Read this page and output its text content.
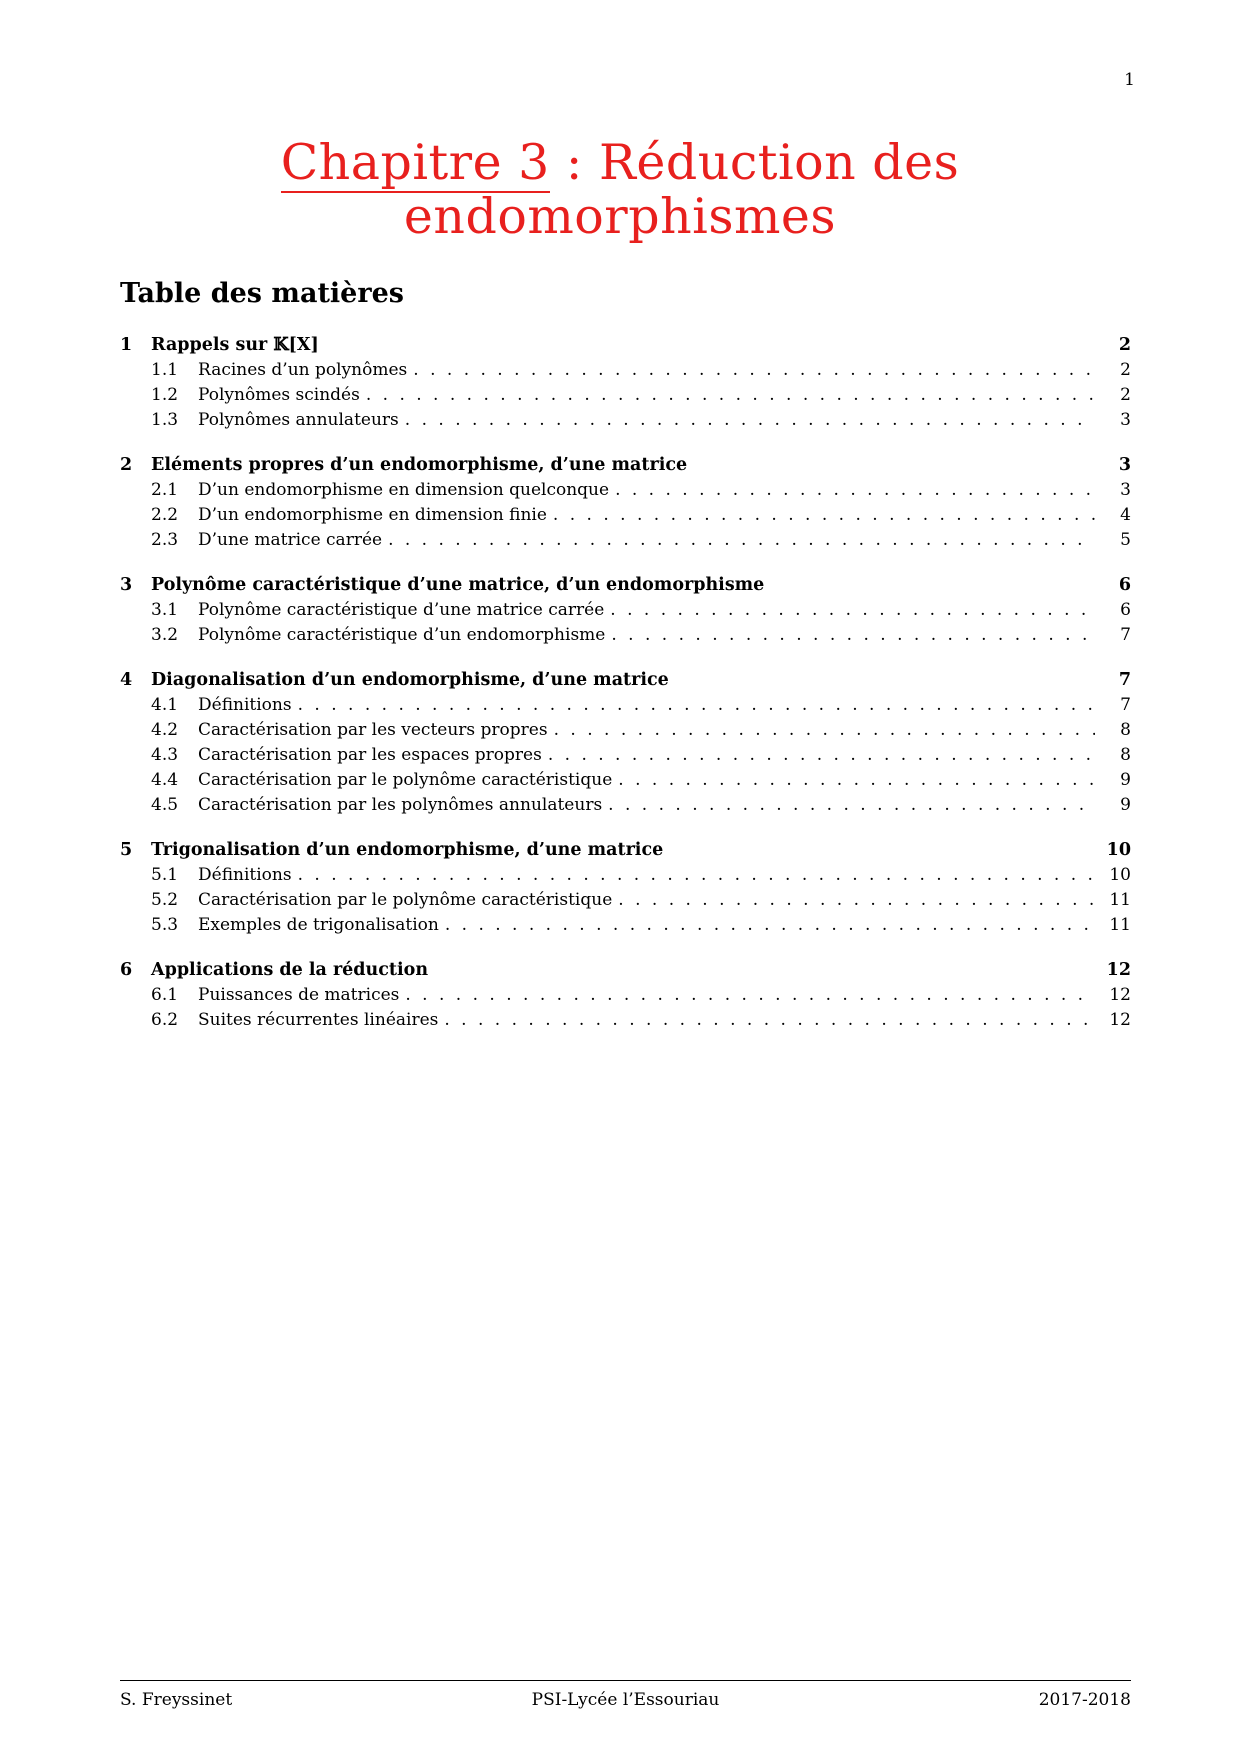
1
Chapitre 3 : Réduction des
endomorphismes
Table des matières
1	Rappels sur 𝕂[X]	2
1.1	Racines d’un polynômes . . .	2
1.2	Polynômes scindés . . .	2
1.3	Polynômes annulateurs . . .	3
2	Eléments propres d’un endomorphisme, d’une matrice	3
2.1	D’un endomorphisme en dimension quelconque . . .	3
2.2	D’un endomorphisme en dimension finie . . .	4
2.3	D’une matrice carrée . . .	5
3	Polynôme caractéristique d’une matrice, d’un endomorphisme	6
3.1	Polynôme caractéristique d’une matrice carrée . . .	6
3.2	Polynôme caractéristique d’un endomorphisme . . .	7
4	Diagonalisation d’un endomorphisme, d’une matrice	7
4.1	Définitions . . .	7
4.2	Caractérisation par les vecteurs propres . . .	8
4.3	Caractérisation par les espaces propres . . .	8
4.4	Caractérisation par le polynôme caractéristique . . .	9
4.5	Caractérisation par les polynômes annulateurs . . .	9
5	Trigonalisation d’un endomorphisme, d’une matrice	10
5.1	Définitions . . .	10
5.2	Caractérisation par le polynôme caractéristique . . .	11
5.3	Exemples de trigonalisation . . .	11
6	Applications de la réduction	12
6.1	Puissances de matrices . . .	12
6.2	Suites récurrentes linéaires . . .	12
S. Freyssinet	PSI-Lycée l’Essouriau	2017-2018
